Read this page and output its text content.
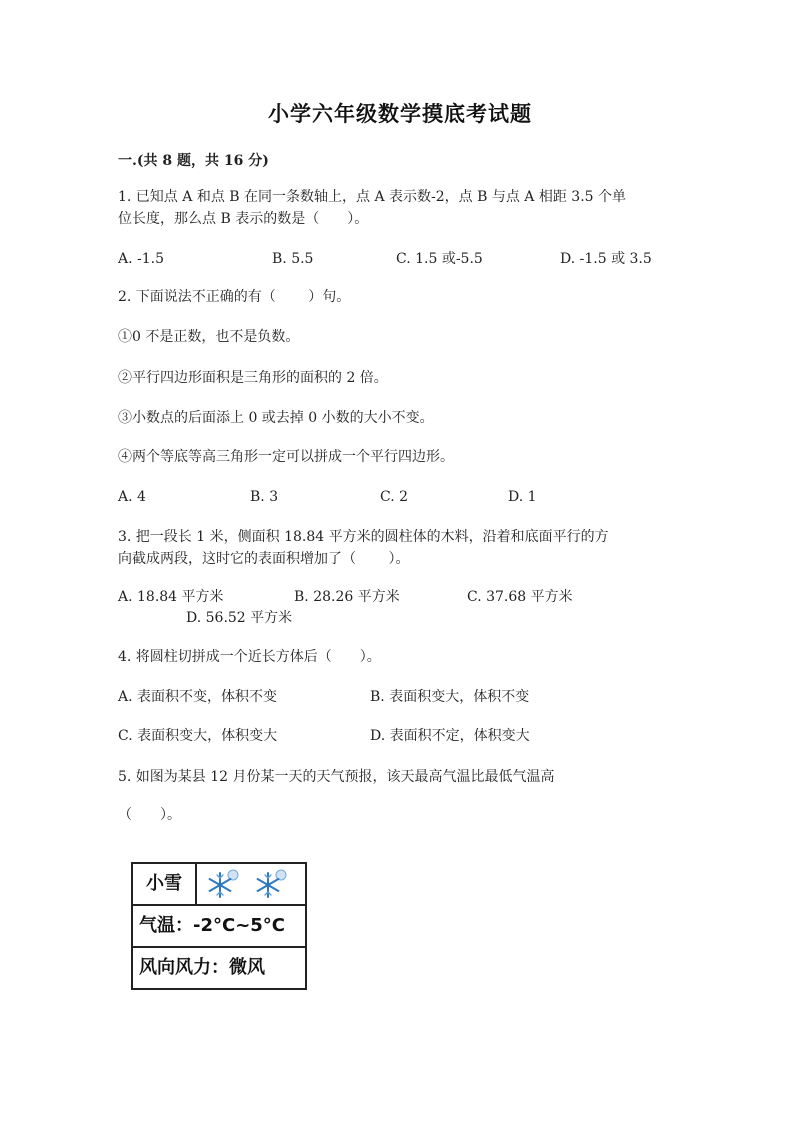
小学六年级数学摸底考试题
一.(共 8 题，共 16 分)
1. 已知点 A 和点 B 在同一条数轴上，点 A 表示数-2，点 B 与点 A 相距 3.5 个单
位长度，那么点 B 表示的数是（　　）。
A. -1.5	B. 5.5	C. 1.5 或-5.5	D. -1.5 或 3.5
2. 下面说法不正确的有（　　 ）句。
①0 不是正数，也不是负数。
②平行四边形面积是三角形的面积的 2 倍。
③小数点的后面添上 0 或去掉 0 小数的大小不变。
④两个等底等高三角形一定可以拼成一个平行四边形。
A. 4	B. 3	C. 2	D. 1
3. 把一段长 1 米，侧面积 18.84 平方米的圆柱体的木料，沿着和底面平行的方
向截成两段，这时它的表面积增加了（　　 ）。
A. 18.84 平方米	B. 28.26 平方米	C. 37.68 平方米
D. 56.52 平方米
4. 将圆柱切拼成一个近长方体后（　　）。
A. 表面积不变，体积不变	B. 表面积变大，体积不变
C. 表面积变大，体积变大	D. 表面积不定，体积变大
5. 如图为某县 12 月份某一天的天气预报，该天最高气温比最低气温高
（　　）。
小雪
气温：-2°C~5°C
风向风力：微风
